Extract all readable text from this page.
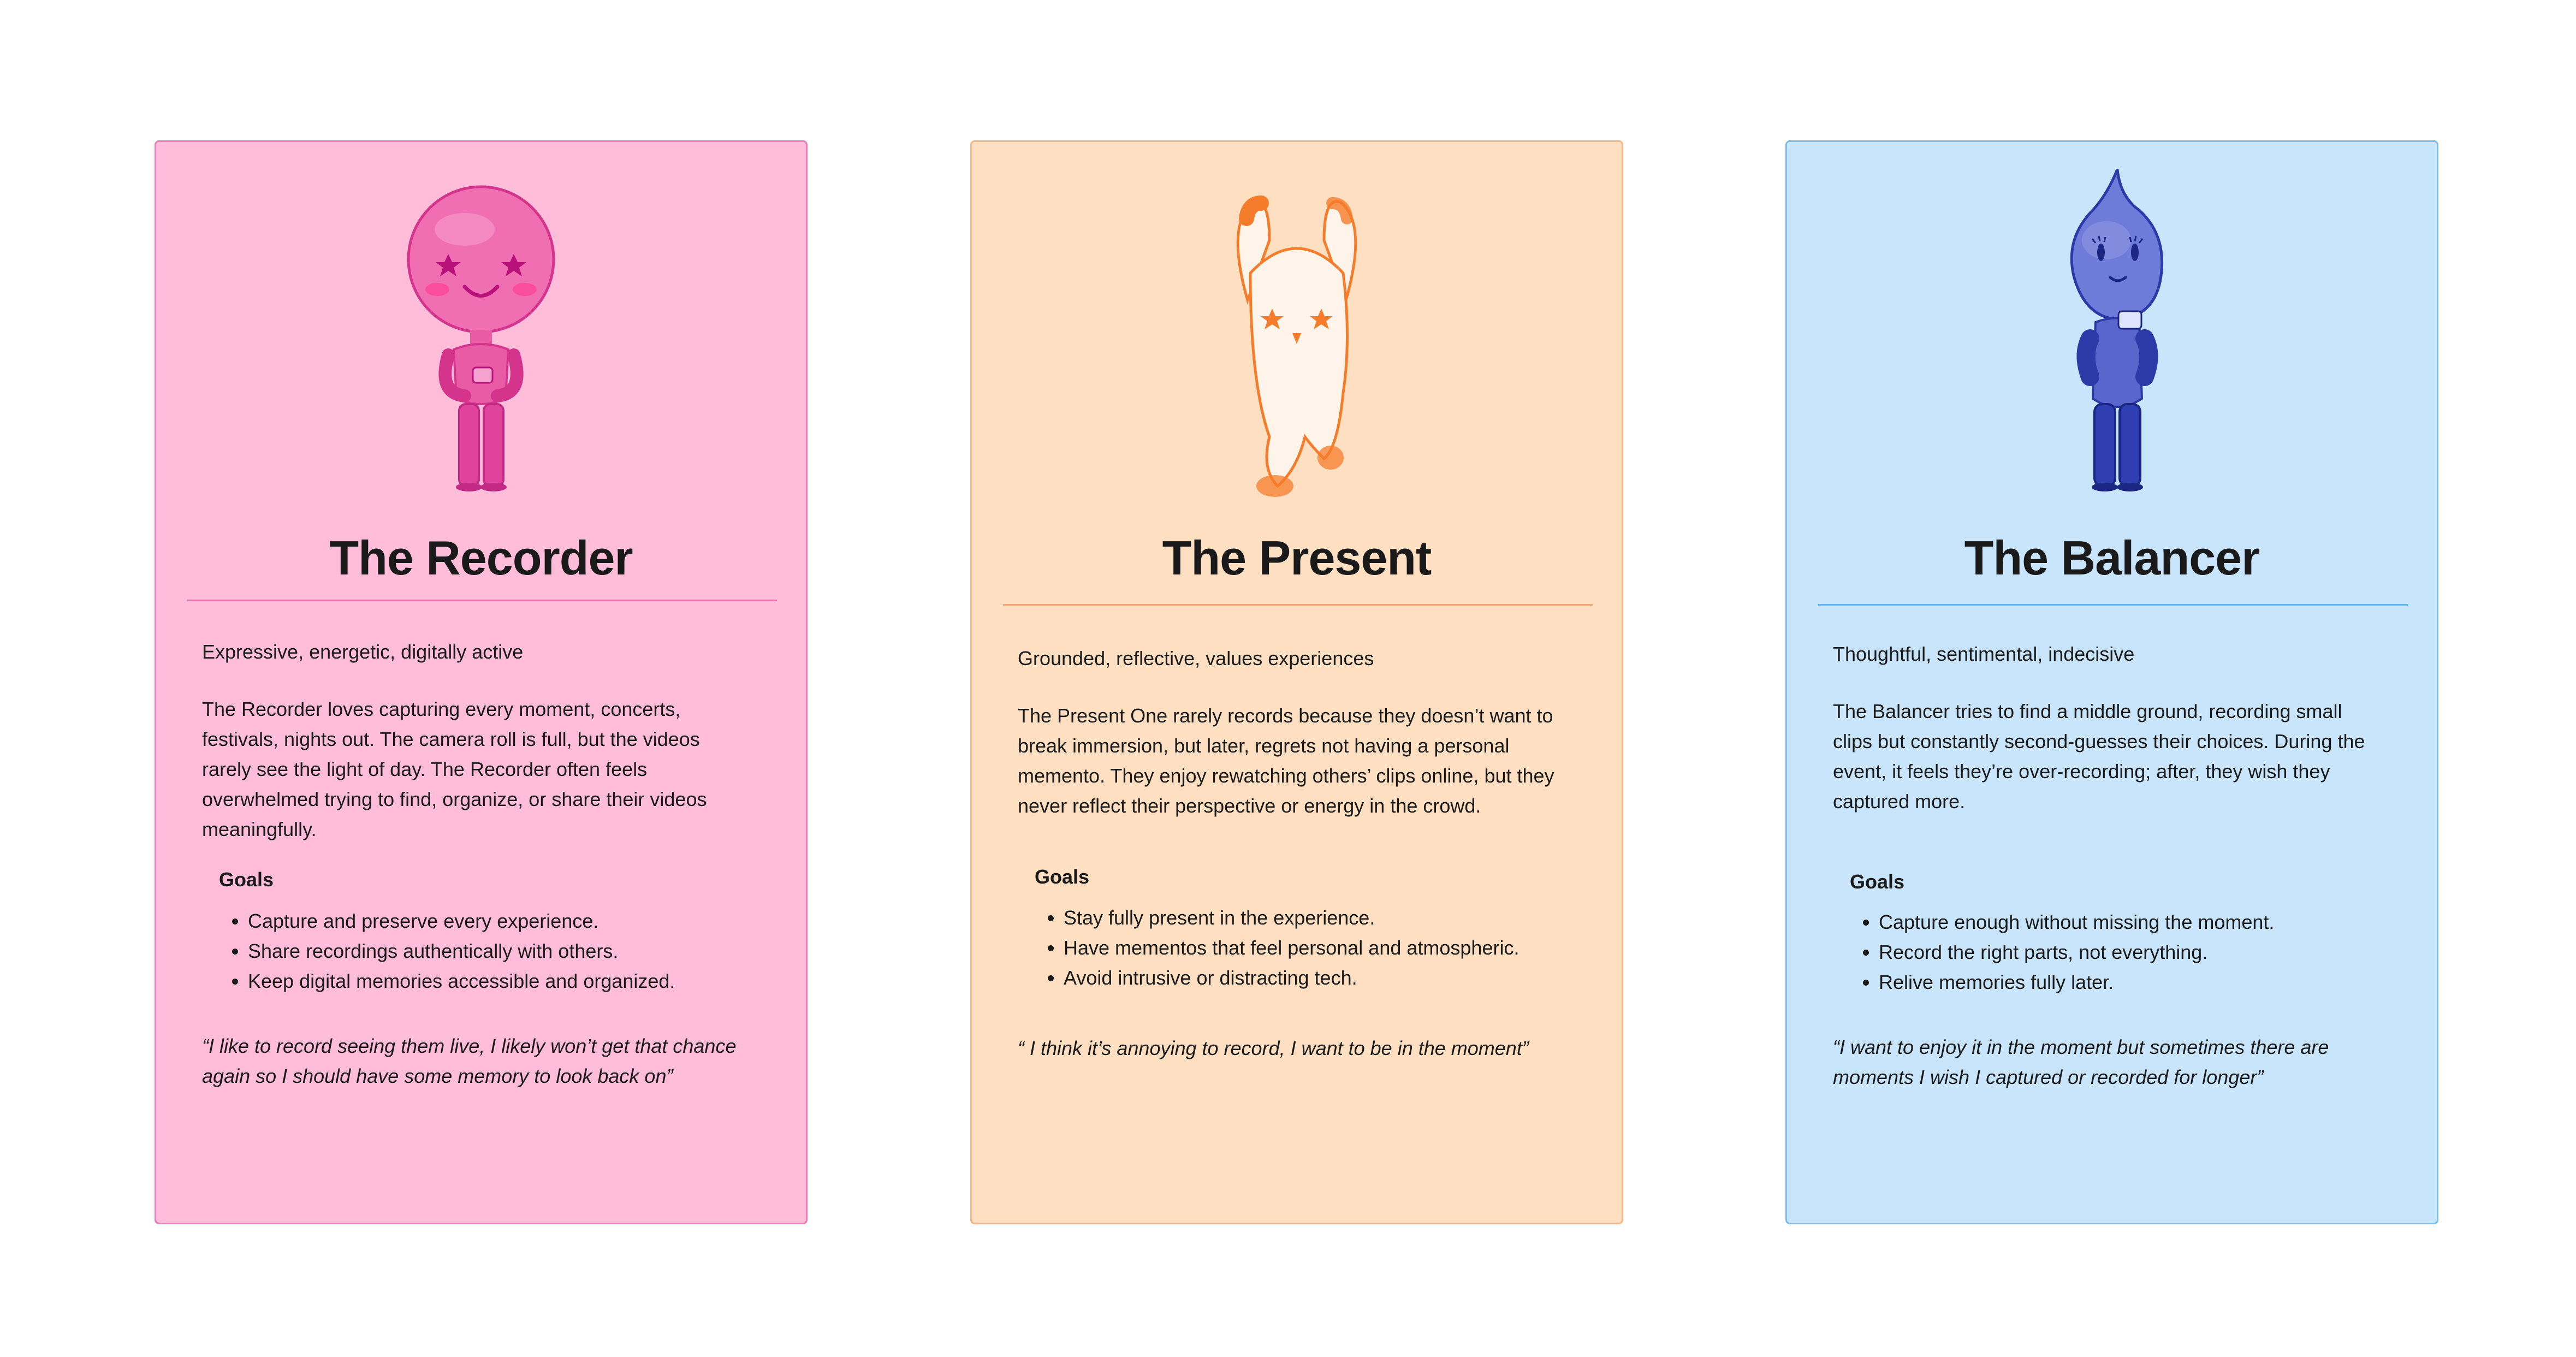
The Recorder
Expressive, energetic, digitally active

The Recorder loves capturing every moment, concerts, festivals, nights out. The camera roll is full, but the videos rarely see the light of day. The Recorder often feels overwhelmed trying to find, organize, or share their videos meaningfully.

Goals
• Capture and preserve every experience.
• Share recordings authentically with others.
• Keep digital memories accessible and organized.

“I like to record seeing them live, I likely won’t get that chance again so I should have some memory to look back on”

The Present
Grounded, reflective, values experiences

The Present One rarely records because they doesn’t want to break immersion, but later, regrets not having a personal memento. They enjoy rewatching others’ clips online, but they never reflect their perspective or energy in the crowd.

Goals
• Stay fully present in the experience.
• Have mementos that feel personal and atmospheric.
• Avoid intrusive or distracting tech.

“ I think it’s annoying to record, I want to be in the moment”

The Balancer
Thoughtful, sentimental, indecisive

The Balancer tries to find a middle ground, recording small clips but constantly second-guesses their choices. During the event, it feels they’re over-recording; after, they wish they captured more.

Goals
• Capture enough without missing the moment.
• Record the right parts, not everything.
• Relive memories fully later.

“I want to enjoy it in the moment but sometimes there are moments I wish I captured or recorded for longer”
